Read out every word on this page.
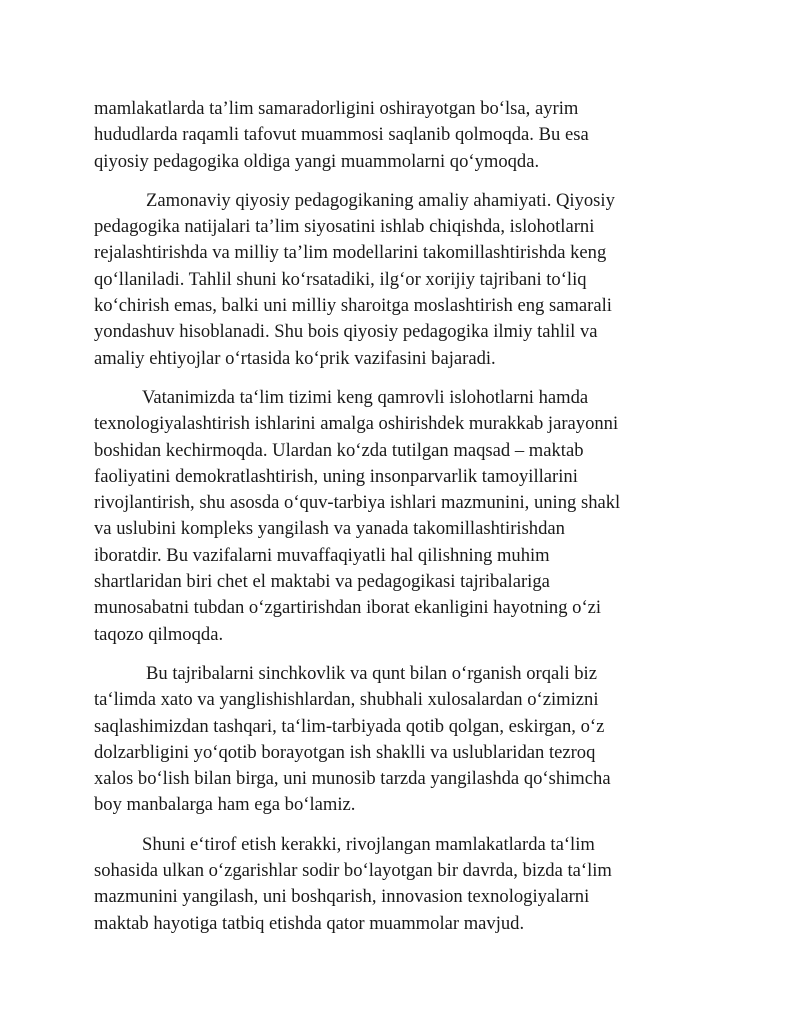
mamlakatlarda ta’lim samaradorligini oshirayotgan bo‘lsa, ayrim
hududlarda raqamli tafovut muammosi saqlanib qolmoqda. Bu esa
qiyosiy pedagogika oldiga yangi muammolarni qo‘ymoqda.

Zamonaviy qiyosiy pedagogikaning amaliy ahamiyati. Qiyosiy
pedagogika natijalari ta’lim siyosatini ishlab chiqishda, islohotlarni
rejalashtirishda va milliy ta’lim modellarini takomillashtirishda keng
qo‘llaniladi. Tahlil shuni ko‘rsatadiki, ilg‘or xorijiy tajribani to‘liq
ko‘chirish emas, balki uni milliy sharoitga moslashtirish eng samarali
yondashuv hisoblanadi. Shu bois qiyosiy pedagogika ilmiy tahlil va
amaliy ehtiyojlar o‘rtasida ko‘prik vazifasini bajaradi.

Vatanimizda ta‘lim tizimi keng qamrovli islohotlarni hamda
texnologiyalashtirish ishlarini amalga oshirishdek murakkab jarayonni
boshidan kechirmoqda. Ulardan ko‘zda tutilgan maqsad – maktab
faoliyatini demokratlashtirish, uning insonparvarlik tamoyillarini
rivojlantirish, shu asosda o‘quv-tarbiya ishlari mazmunini, uning shakl
va uslubini kompleks yangilash va yanada takomillashtirishdan
iboratdir. Bu vazifalarni muvaffaqiyatli hal qilishning muhim
shartlaridan biri chet el maktabi va pedagogikasi tajribalariga
munosabatni tubdan o‘zgartirishdan iborat ekanligini hayotning o‘zi
taqozo qilmoqda.

Bu tajribalarni sinchkovlik va qunt bilan o‘rganish orqali biz
ta‘limda xato va yanglishishlardan, shubhali xulosalardan o‘zimizni
saqlashimizdan tashqari, ta‘lim-tarbiyada qotib qolgan, eskirgan, o‘z
dolzarbligini yo‘qotib borayotgan ish shaklli va uslublaridan tezroq
xalos bo‘lish bilan birga, uni munosib tarzda yangilashda qo‘shimcha
boy manbalarga ham ega bo‘lamiz.

Shuni e‘tirof etish kerakki, rivojlangan mamlakatlarda ta‘lim
sohasida ulkan o‘zgarishlar sodir bo‘layotgan bir davrda, bizda ta‘lim
mazmunini yangilash, uni boshqarish, innovasion texnologiyalarni
maktab hayotiga tatbiq etishda qator muammolar mavjud.
